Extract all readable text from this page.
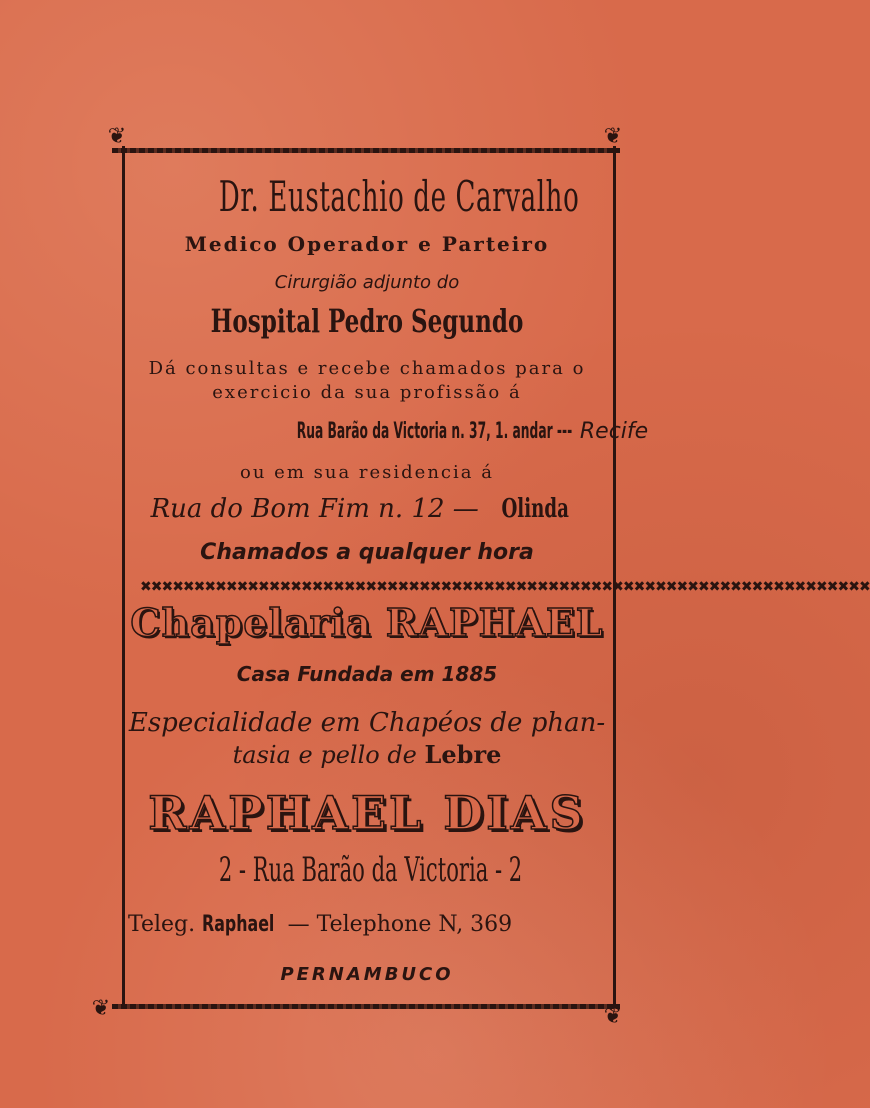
❦	❦
❦	❦
Dr. Eustachio de Carvalho
Medico Operador e Parteiro
Cirurgião adjunto do
Hospital Pedro Segundo
Dá consultas e recebe chamados para o
exercicio da sua profissão á
Rua Barão da Victoria n. 37, 1. andar --- Recife
ou em sua residencia á
Rua do Bom Fim n. 12 — Olinda
Chamados a qualquer hora
✖✖✖✖✖✖✖✖✖✖✖✖✖✖✖✖✖✖✖✖✖✖✖✖✖✖✖✖✖✖✖✖✖✖✖✖✖✖✖✖✖✖✖✖✖✖✖✖✖✖✖✖✖✖✖✖✖✖✖✖✖✖✖✖✖✖✖✖
Chapelaria RAPHAEL
Casa Fundada em 1885
Especialidade em Chapéos de phan-
tasia e pello de Lebre
RAPHAEL DIAS
2 - Rua Barão da Victoria - 2
Teleg. Raphael — Telephone N, 369
PERNAMBUCO
